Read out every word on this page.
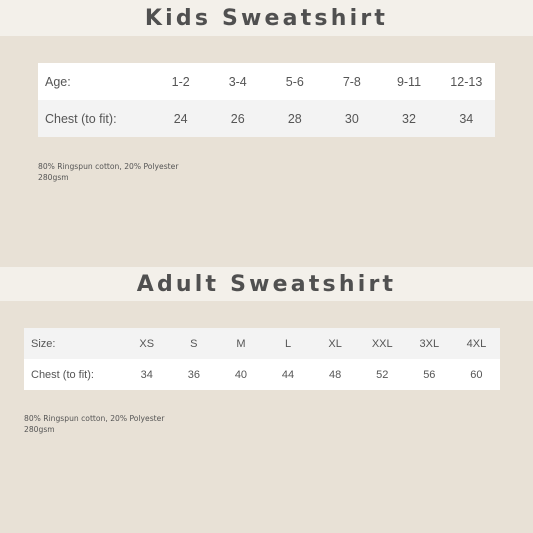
Kids Sweatshirt
Age:	1-2	3-4	5-6	7-8	9-11	12-13
Chest (to fit):	24	26	28	30	32	34
80% Ringspun cotton, 20% Polyester
280gsm
Adult Sweatshirt
Size:	XS	S	M	L	XL	XXL	3XL	4XL
Chest (to fit):	34	36	40	44	48	52	56	60
80% Ringspun cotton, 20% Polyester
280gsm
